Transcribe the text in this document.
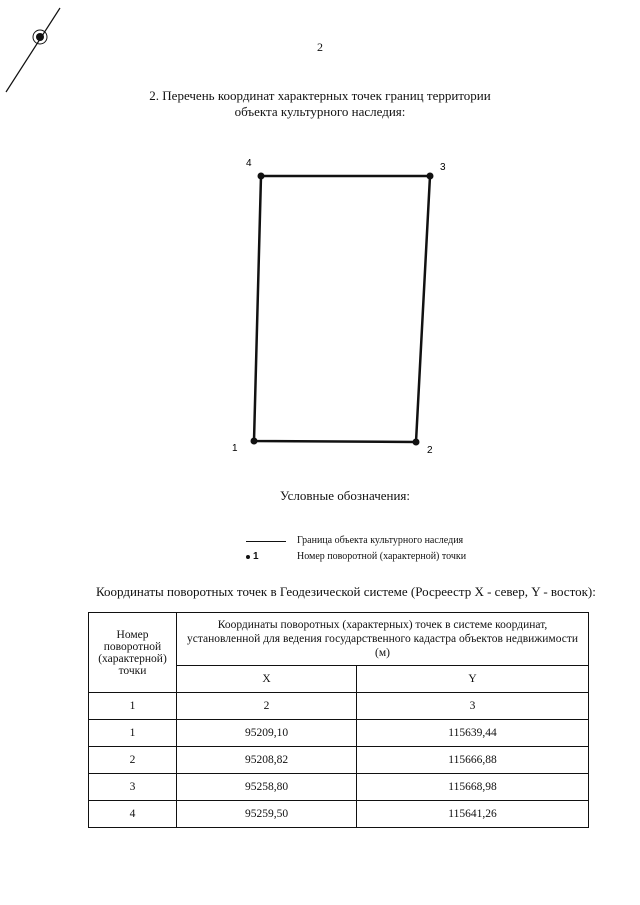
2
2. Перечень координат характерных точек границ территории
объекта культурного наследия:
1	2
3
4
Условные обозначения:
Граница объекта культурного наследия
1	Номер поворотной (характерной) точки
Координаты поворотных точек в Геодезической системе (Росреестр X - север, Y - восток):
Номер поворотной (характерной) точки	Координаты поворотных (характерных) точек в системе координат, установленной для ведения государственного кадастра объектов недвижимости (м)	
	X	Y
1	2	3
1	95209,10	115639,44
2	95208,82	115666,88
3	95258,80	115668,98
4	95259,50	115641,26
